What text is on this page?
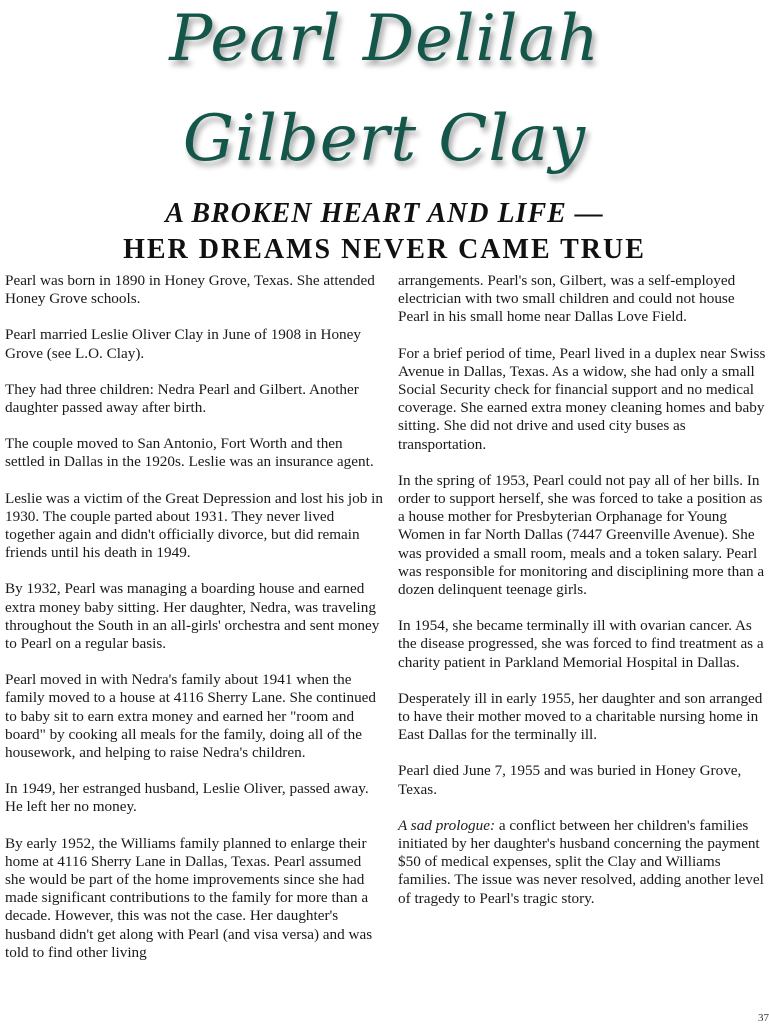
Pearl Delilah
Gilbert Clay
A BROKEN HEART AND LIFE —
HER DREAMS NEVER CAME TRUE

Pearl was born in 1890 in Honey Grove, Texas. She attended Honey Grove schools.

Pearl married Leslie Oliver Clay in June of 1908 in Honey Grove (see L.O. Clay).

They had three children: Nedra Pearl and Gilbert. Another daughter passed away after birth.

The couple moved to San Antonio, Fort Worth and then settled in Dallas in the 1920s. Leslie was an insurance agent.

Leslie was a victim of the Great Depression and lost his job in 1930. The couple parted about 1931. They never lived together again and didn't officially divorce, but did remain friends until his death in 1949.

By 1932, Pearl was managing a boarding house and earned extra money baby sitting. Her daughter, Nedra, was traveling throughout the South in an all-girls' orchestra and sent money to Pearl on a regular basis.

Pearl moved in with Nedra's family about 1941 when the family moved to a house at 4116 Sherry Lane. She continued to baby sit to earn extra money and earned her "room and board" by cooking all meals for the family, doing all of the housework, and helping to raise Nedra's children.

In 1949, her estranged husband, Leslie Oliver, passed away. He left her no money.

By early 1952, the Williams family planned to enlarge their home at 4116 Sherry Lane in Dallas, Texas. Pearl assumed she would be part of the home improvements since she had made significant contributions to the family for more than a decade. However, this was not the case. Her daughter's husband didn't get along with Pearl (and visa versa) and was told to find other living

arrangements. Pearl's son, Gilbert, was a self-employed electrician with two small children and could not house Pearl in his small home near Dallas Love Field.

For a brief period of time, Pearl lived in a duplex near Swiss Avenue in Dallas, Texas. As a widow, she had only a small Social Security check for financial support and no medical coverage. She earned extra money cleaning homes and baby sitting. She did not drive and used city buses as transportation.

In the spring of 1953, Pearl could not pay all of her bills. In order to support herself, she was forced to take a position as a house mother for Presbyterian Orphanage for Young Women in far North Dallas (7447 Greenville Avenue). She was provided a small room, meals and a token salary. Pearl was responsible for monitoring and disciplining more than a dozen delinquent teenage girls.

In 1954, she became terminally ill with ovarian cancer. As the disease progressed, she was forced to find treatment as a charity patient in Parkland Memorial Hospital in Dallas.

Desperately ill in early 1955, her daughter and son arranged to have their mother moved to a charitable nursing home in East Dallas for the terminally ill.

Pearl died June 7, 1955 and was buried in Honey Grove, Texas.

A sad prologue: a conflict between her children's families initiated by her daughter's husband concerning the payment $50 of medical expenses, split the Clay and Williams families. The issue was never resolved, adding another level of tragedy to Pearl's tragic story.

37
